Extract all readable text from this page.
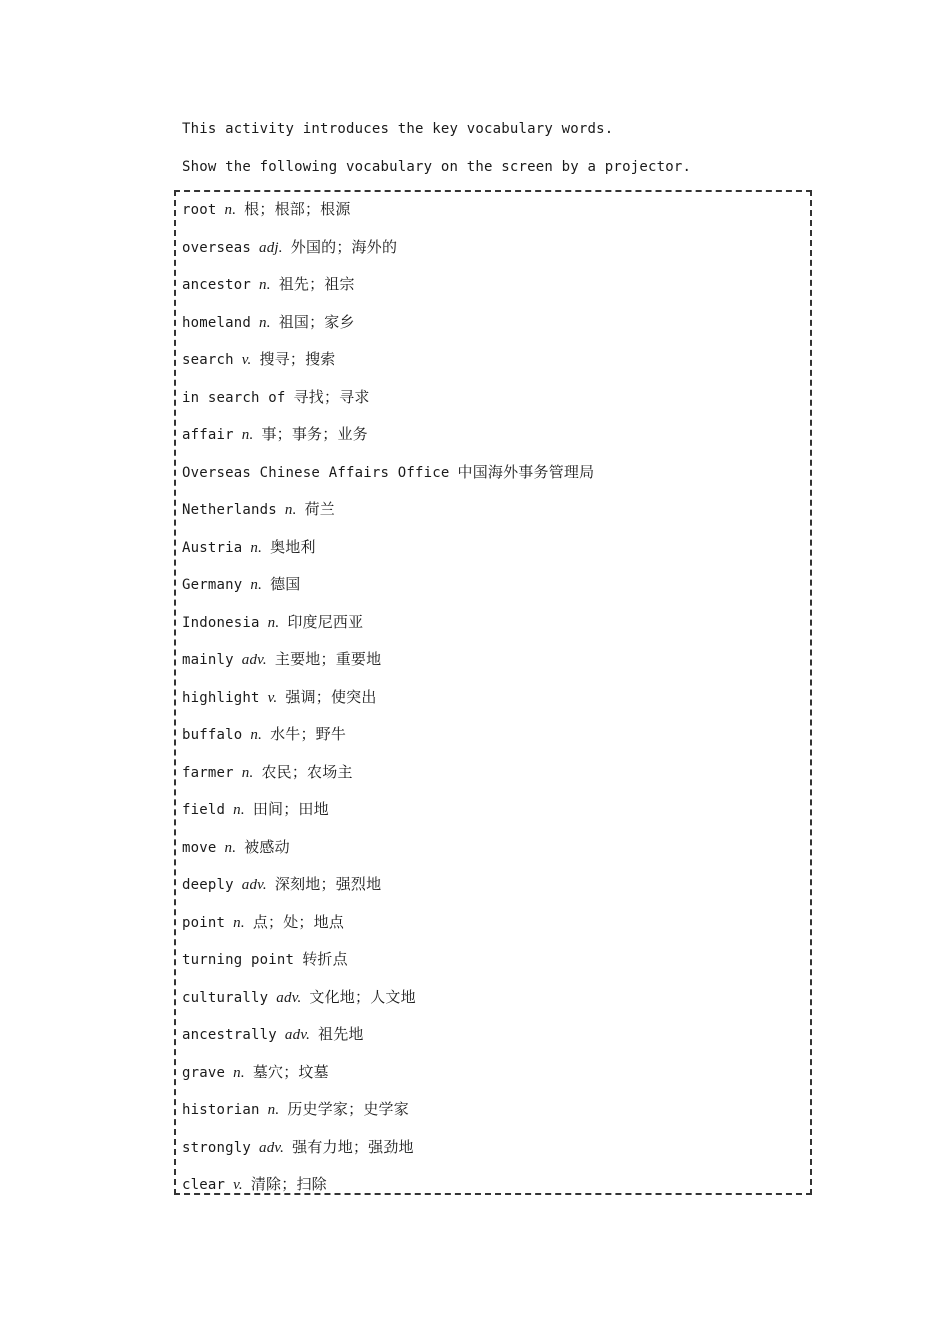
This activity introduces the key vocabulary words.
Show the following vocabulary on the screen by a projector.
root n. 根；根部；根源
overseas adj. 外国的；海外的
ancestor n. 祖先；祖宗
homeland n. 祖国；家乡
search v. 搜寻；搜索
in search of 寻找；寻求
affair n. 事；事务；业务
Overseas Chinese Affairs Office 中国海外事务管理局
Netherlands n. 荷兰
Austria n. 奥地利
Germany n. 德国
Indonesia n. 印度尼西亚
mainly adv. 主要地；重要地
highlight v. 强调；使突出
buffalo n. 水牛；野牛
farmer n. 农民；农场主
field n. 田间；田地
move n. 被感动
deeply adv. 深刻地；强烈地
point n. 点；处；地点
turning point 转折点
culturally adv. 文化地；人文地
ancestrally adv. 祖先地
grave n. 墓穴；坟墓
historian n. 历史学家；史学家
strongly adv. 强有力地；强劲地
clear v. 清除；扫除
